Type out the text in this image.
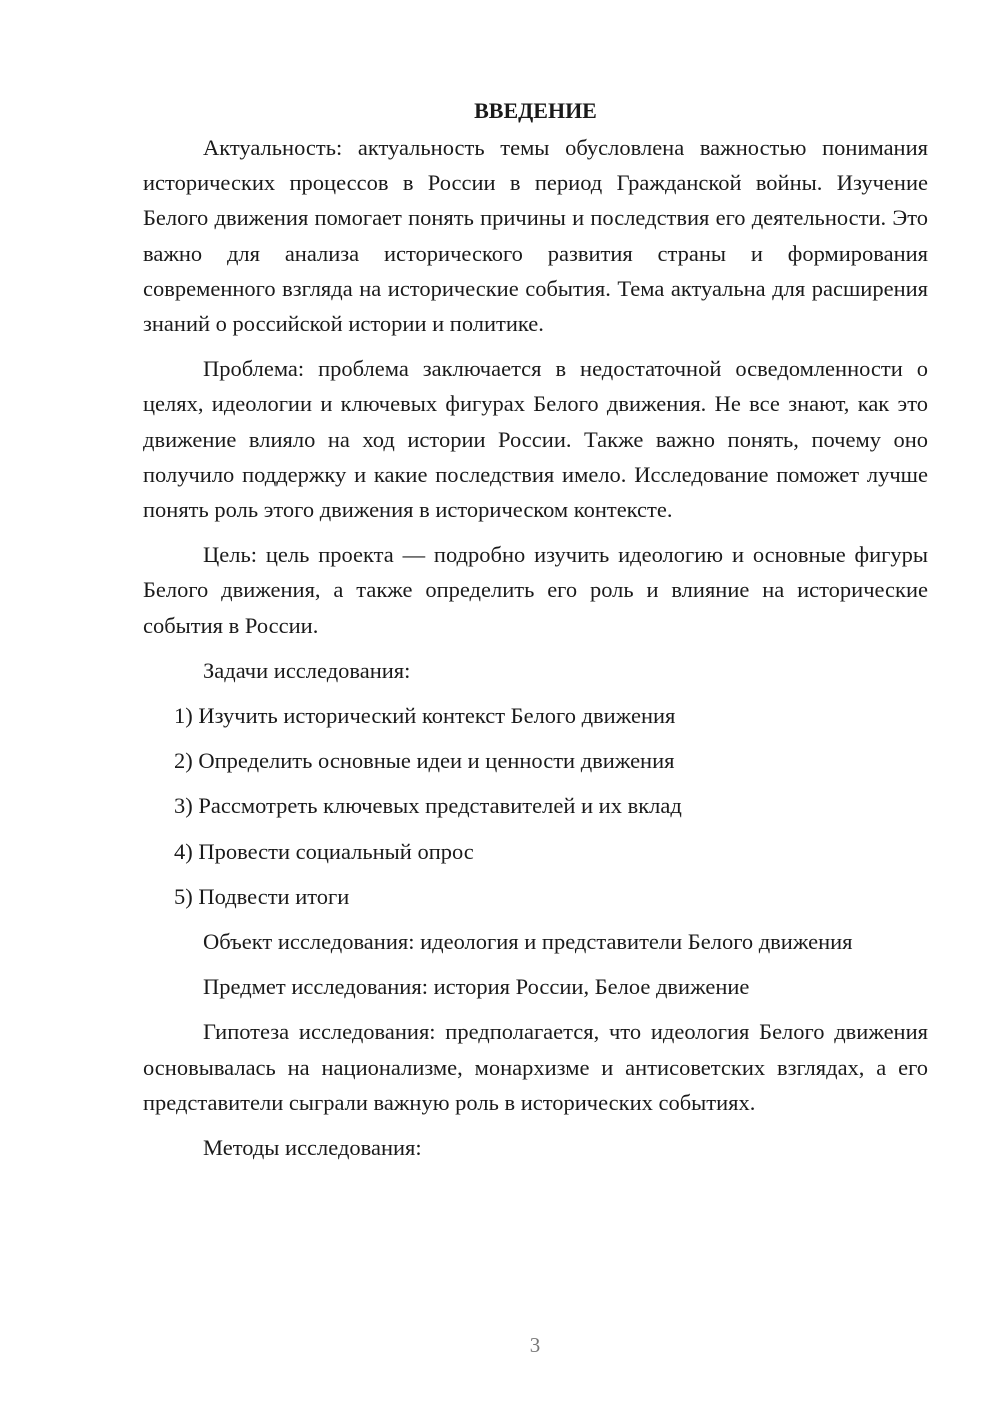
ВВЕДЕНИЕ

Актуальность: актуальность темы обусловлена важностью понимания исторических процессов в России в период Гражданской войны. Изучение Белого движения помогает понять причины и последствия его деятельности. Это важно для анализа исторического развития страны и формирования современного взгляда на исторические события. Тема актуальна для расширения знаний о российской истории и политике.

Проблема: проблема заключается в недостаточной осведомленности о целях, идеологии и ключевых фигурах Белого движения. Не все знают, как это движение влияло на ход истории России. Также важно понять, почему оно получило поддержку и какие последствия имело. Исследование поможет лучше понять роль этого движения в историческом контексте.

Цель: цель проекта — подробно изучить идеологию и основные фигуры Белого движения, а также определить его роль и влияние на исторические события в России.

Задачи исследования:
1) Изучить исторический контекст Белого движения
2) Определить основные идеи и ценности движения
3) Рассмотреть ключевых представителей и их вклад
4) Провести социальный опрос
5) Подвести итоги
Объект исследования: идеология и представители Белого движения
Предмет исследования: история России, Белое движение

Гипотеза исследования: предполагается, что идеология Белого движения основывалась на национализме, монархизме и антисоветских взглядах, а его представители сыграли важную роль в исторических событиях.

Методы исследования:
3
